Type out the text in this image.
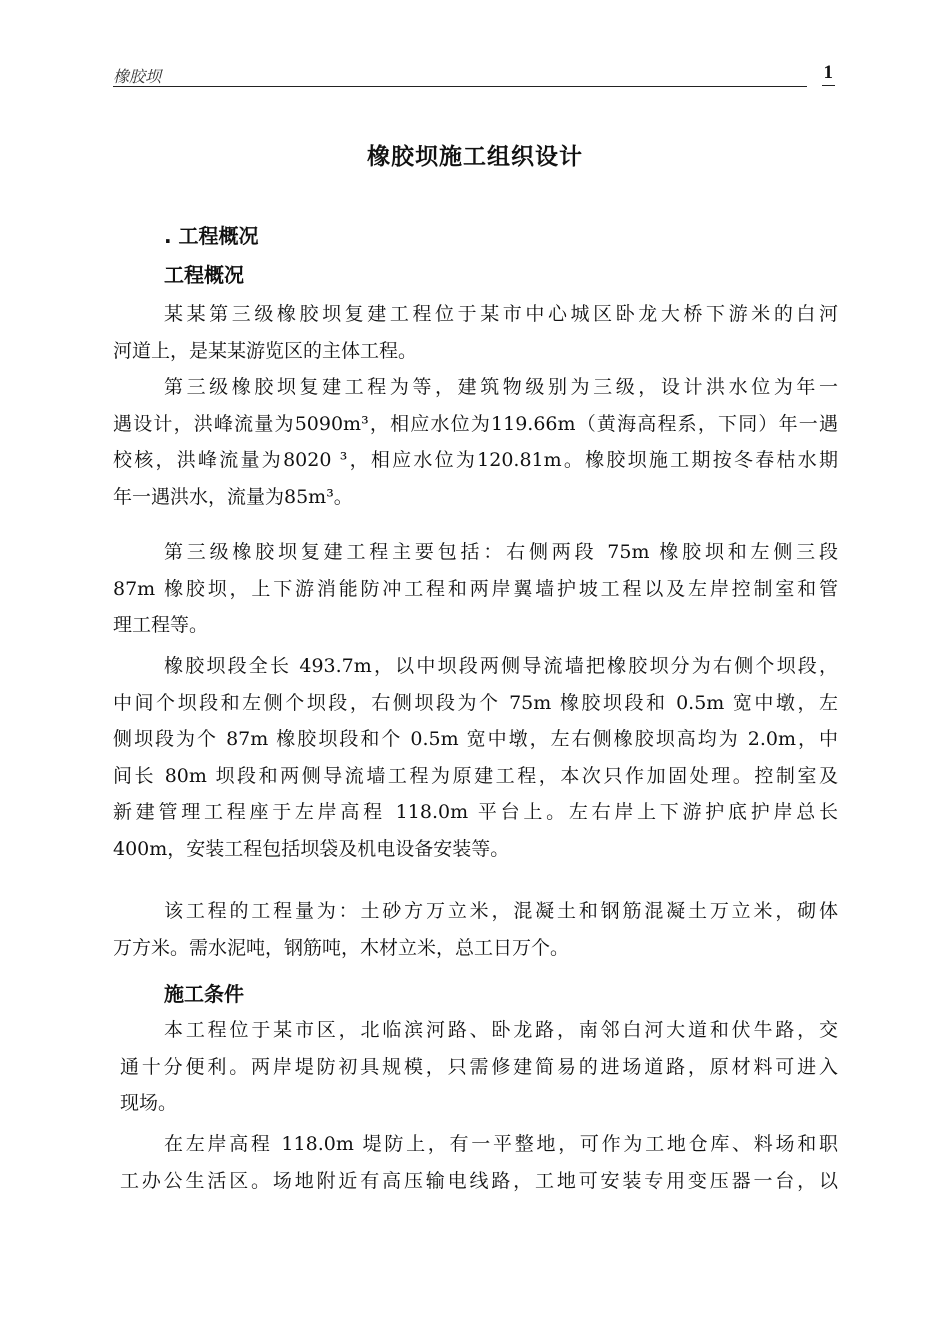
橡胶坝	1
橡胶坝施工组织设计
. 工程概况
工程概况
某某第三级橡胶坝复建工程位于某市中心城区卧龙大桥下游米的白河
河道上，是某某游览区的主体工程。
第三级橡胶坝复建工程为等，建筑物级别为三级，设计洪水位为年一
遇设计，洪峰流量为5090m³，相应水位为119.66m（黄海高程系，下同）年一遇
校核，洪峰流量为8020 ³，相应水位为120.81m。橡胶坝施工期按冬春枯水期
年一遇洪水，流量为85m³。
第三级橡胶坝复建工程主要包括：右侧两段 75m 橡胶坝和左侧三段
87m 橡胶坝，上下游消能防冲工程和两岸翼墙护坡工程以及左岸控制室和管
理工程等。
橡胶坝段全长 493.7m，以中坝段两侧导流墙把橡胶坝分为右侧个坝段，
中间个坝段和左侧个坝段，右侧坝段为个 75m 橡胶坝段和 0.5m 宽中墩，左
侧坝段为个 87m 橡胶坝段和个 0.5m 宽中墩，左右侧橡胶坝高均为 2.0m，中
间长 80m 坝段和两侧导流墙工程为原建工程，本次只作加固处理。控制室及
新建管理工程座于左岸高程 118.0m 平台上。左右岸上下游护底护岸总长
400m，安装工程包括坝袋及机电设备安装等。
该工程的工程量为：土砂方万立米，混凝土和钢筋混凝土万立米，砌体
万方米。需水泥吨，钢筋吨，木材立米，总工日万个。
施工条件
本工程位于某市区，北临滨河路、卧龙路，南邻白河大道和伏牛路，交
通十分便利。两岸堤防初具规模，只需修建简易的进场道路，原材料可进入
现场。
在左岸高程 118.0m 堤防上，有一平整地，可作为工地仓库、料场和职
工办公生活区。场地附近有高压输电线路，工地可安装专用变压器一台，以
